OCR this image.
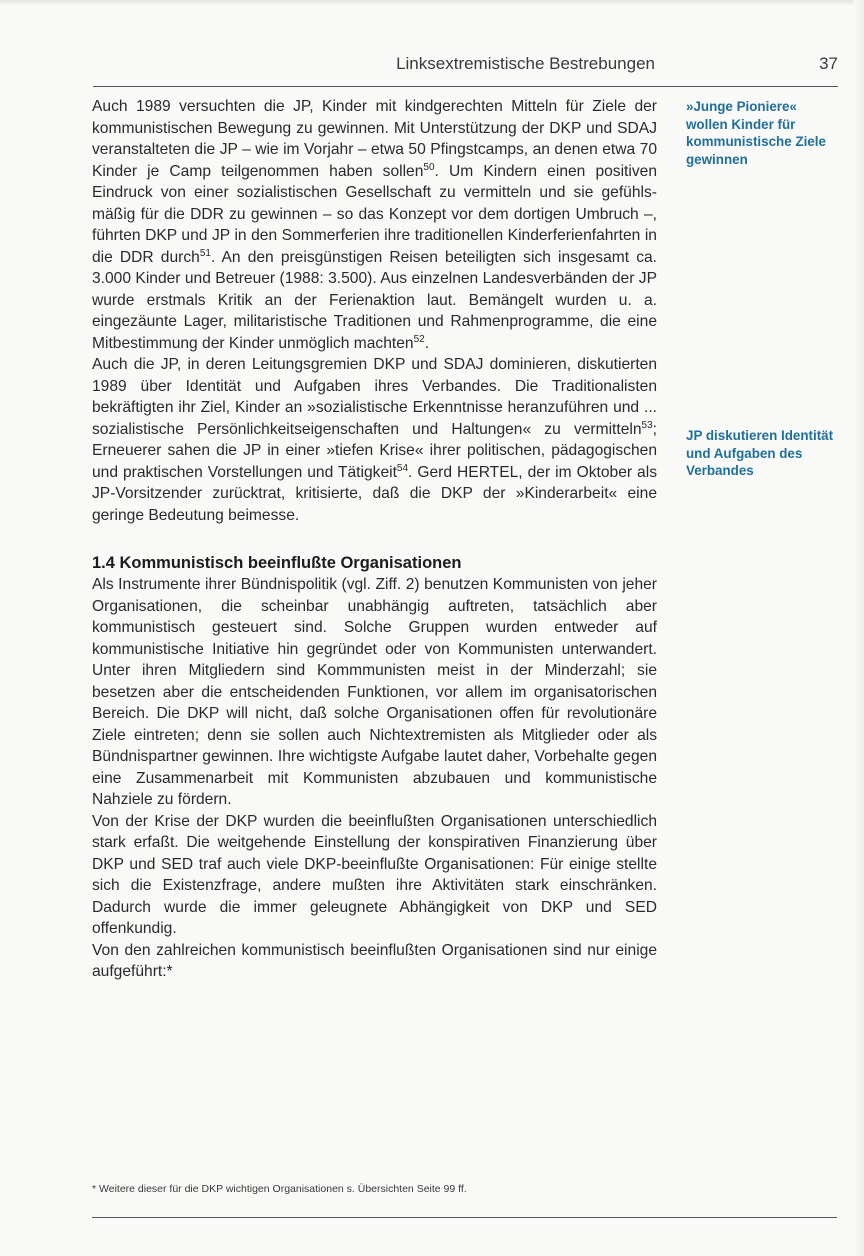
Linksextremistische Bestrebungen	37
»Junge Pioniere« wollen Kinder für kommunistische Ziele gewinnen
JP diskutieren Identität und Aufgaben des Verbandes

Auch 1989 versuchten die JP, Kinder mit kindgerechten Mitteln für Ziele der kommunistischen Bewegung zu gewinnen. Mit Unterstützung der DKP und SDAJ veranstalteten die JP – wie im Vorjahr – etwa 50 Pfingstcamps, an denen etwa 70 Kinder je Camp teilgenommen haben sollen$^{50}$. Um Kindern einen positiven Eindruck von einer sozialistischen Gesellschaft zu vermitteln und sie gefühlsmäßig für die DDR zu gewinnen – so das Konzept vor dem dortigen Umbruch –, führten DKP und JP in den Sommerferien ihre traditionellen Kinderferienfahrten in die DDR durch$^{51}$. An den preisgünstigen Reisen beteiligten sich insgesamt ca. 3.000 Kinder und Betreuer (1988: 3.500). Aus einzelnen Landesverbänden der JP wurde erstmals Kritik an der Ferienaktion laut. Bemängelt wurden u. a. eingezäunte Lager, militaristische Traditionen und Rahmenprogramme, die eine Mitbestimmung der Kinder unmöglich machten$^{52}$.
Auch die JP, in deren Leitungsgremien DKP und SDAJ dominieren, diskutierten 1989 über Identität und Aufgaben ihres Verbandes. Die Traditionalisten bekräftigten ihr Ziel, Kinder an »sozialistische Erkenntnisse heranzuführen und ... sozialistische Persönlichkeitseigenschaften und Haltungen« zu vermitteln$^{53}$; Erneuerer sahen die JP in einer »tiefen Krise« ihrer politischen, pädagogischen und praktischen Vorstellungen und Tätigkeit$^{54}$. Gerd HERTEL, der im Oktober als JP-Vorsitzender zurücktrat, kritisierte, daß die DKP der »Kinderarbeit« eine geringe Bedeutung beimesse.

1.4 Kommunistisch beeinflußte Organisationen

Als Instrumente ihrer Bündnispolitik (vgl. Ziff. 2) benutzen Kommunisten von jeher Organisationen, die scheinbar unabhängig auftreten, tatsächlich aber kommunistisch gesteuert sind. Solche Gruppen wurden entweder auf kommunistische Initiative hin gegründet oder von Kommunisten unterwandert. Unter ihren Mitgliedern sind Kommmunisten meist in der Minderzahl; sie besetzen aber die entscheidenden Funktionen, vor allem im organisatorischen Bereich. Die DKP will nicht, daß solche Organisationen offen für revolutionäre Ziele eintreten; denn sie sollen auch Nichtextremisten als Mitglieder oder als Bündnispartner gewinnen. Ihre wichtigste Aufgabe lautet daher, Vorbehalte gegen eine Zusammenarbeit mit Kommunisten abzubauen und kommunistische Nahziele zu fördern.

Von der Krise der DKP wurden die beeinflußten Organisationen unterschiedlich stark erfaßt. Die weitgehende Einstellung der konspirativen Finanzierung über DKP und SED traf auch viele DKP-beeinflußte Organisationen: Für einige stellte sich die Existenzfrage, andere mußten ihre Aktivitäten stark einschränken. Dadurch wurde die immer geleugnete Abhängigkeit von DKP und SED offenkundig.

Von den zahlreichen kommunistisch beeinflußten Organisationen sind nur einige aufgeführt:*

* Weitere dieser für die DKP wichtigen Organisationen s. Übersichten Seite 99 ff.
